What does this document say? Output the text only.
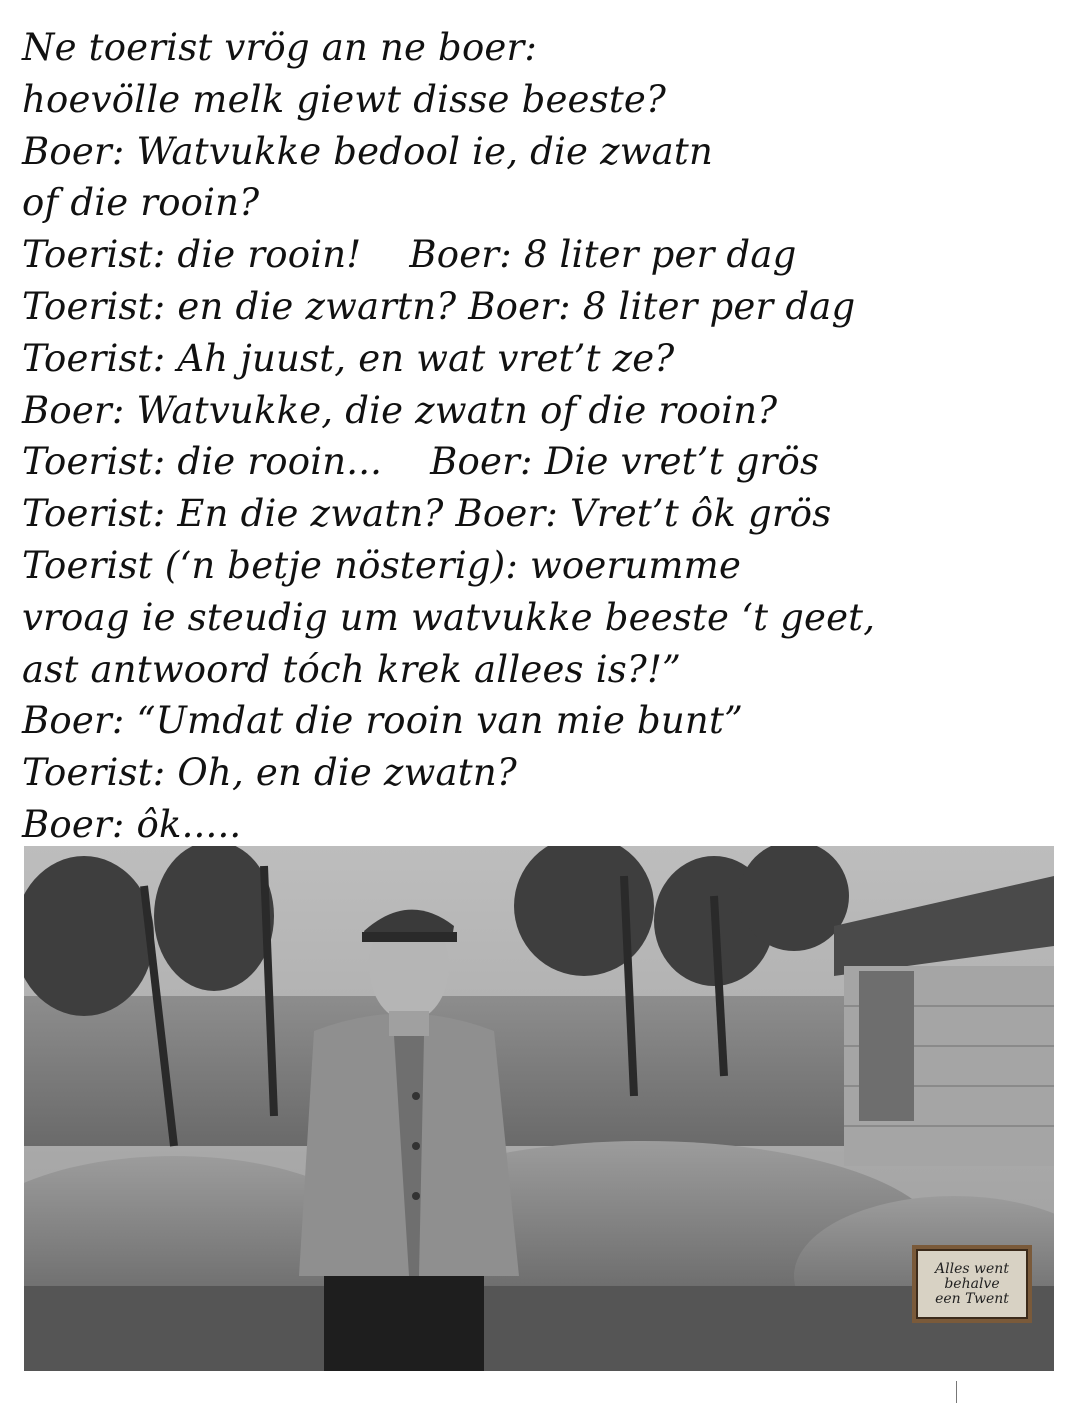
Ne toerist vrög an ne boer:
hoevölle melk giewt disse beeste?
Boer: Watvukke bedool ie, die zwatn
of die rooin?
Toerist: die rooin! Boer: 8 liter per dag
Toerist: en die zwartn? Boer: 8 liter per dag
Toerist: Ah juust, en wat vret’t ze?
Boer: Watvukke, die zwatn of die rooin?
Toerist: die rooin... Boer: Die vret’t grös
Toerist: En die zwatn? Boer: Vret’t ôk grös
Toerist (‘n betje nösterig): woerumme
vroag ie steudig um watvukke beeste ‘t geet,
ast antwoord tóch krek allees is?!”
Boer: “Umdat die rooin van mie bunt”
Toerist: Oh, en die zwatn?
Boer: ôk.....
Alles went
behalve
een Twent
